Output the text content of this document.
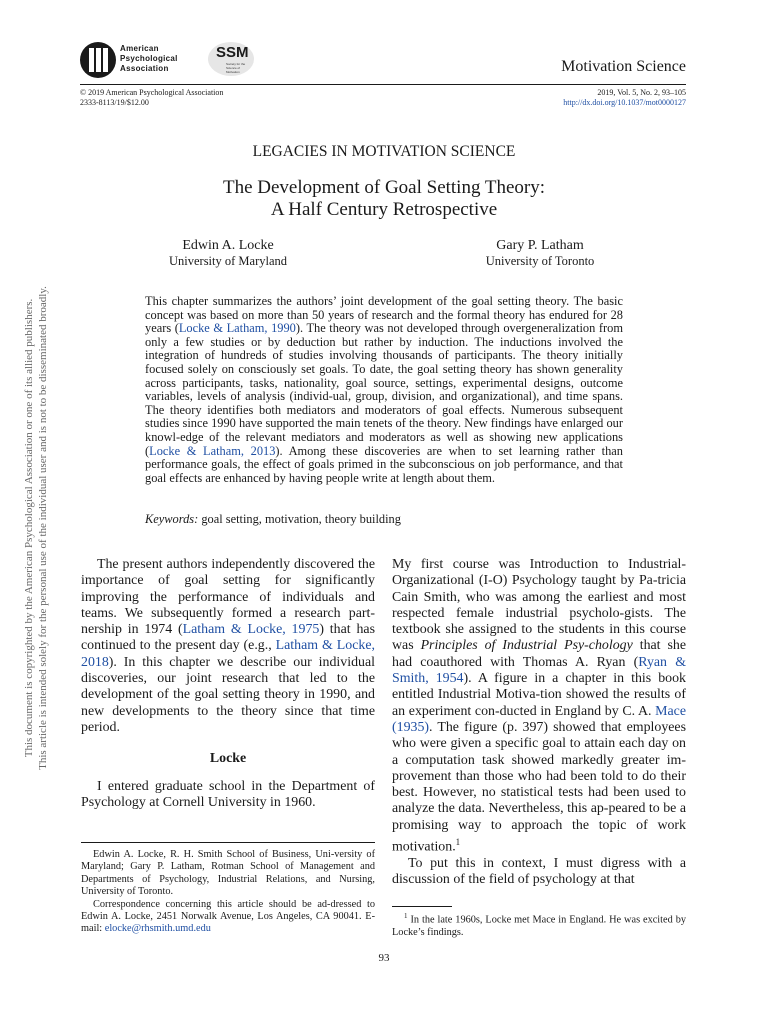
American
Psychological
Association
SSM
Society for the Science of Motivation	Motivation Science
© 2019 American Psychological Association
2333-8113/19/$12.00
2019, Vol. 5, No. 2, 93–105
http://dx.doi.org/10.1037/mot0000127
LEGACIES IN MOTIVATION SCIENCE
The Development of Goal Setting Theory:
A Half Century Retrospective
Edwin A. Locke
University of Maryland
Gary P. Latham
University of Toronto
This chapter summarizes the authors’ joint development of the goal setting theory. The basic concept was based on more than 50 years of research and the formal theory has endured for 28 years (Locke & Latham, 1990). The theory was not developed through overgeneralization from only a few studies or by deduction but rather by induction. The inductions involved the integration of hundreds of studies involving thousands of participants. The theory initially focused solely on consciously set goals. To date, the goal setting theory has shown generality across participants, tasks, nationality, goal source, settings, experimental designs, outcome variables, levels of analysis (individ-ual, group, division, and organizational), and time spans. The theory identifies both mediators and moderators of goal effects. Numerous subsequent studies since 1990 have supported the main tenets of the theory. New findings have enlarged our knowl-edge of the relevant mediators and moderators as well as showing new applications (Locke & Latham, 2013). Among these discoveries are when to set learning rather than performance goals, the effect of goals primed in the subconscious on job performance, and that goal effects are enhanced by having people write at length about them.
Keywords: goal setting, motivation, theory building

The present authors independently discovered the importance of goal setting for significantly improving the performance of individuals and teams. We subsequently formed a research part-nership in 1974 (Latham & Locke, 1975) that has continued to the present day (e.g., Latham & Locke, 2018). In this chapter we describe our individual discoveries, our joint research that led to the development of the goal setting theory in 1990, and new developments to the theory since that time period.

Locke

I entered graduate school in the Department of Psychology at Cornell University in 1960.

Edwin A. Locke, R. H. Smith School of Business, Uni-versity of Maryland; Gary P. Latham, Rotman School of Management and Departments of Psychology, Industrial Relations, and Nursing, University of Toronto.

Correspondence concerning this article should be ad-dressed to Edwin A. Locke, 2451 Norwalk Avenue, Los Angeles, CA 90041. E-mail: elocke@rhsmith.umd.edu

My first course was Introduction to Industrial-Organizational (I-O) Psychology taught by Pa-tricia Cain Smith, who was among the earliest and most respected female industrial psycholo-gists. The textbook she assigned to the students in this course was Principles of Industrial Psy-chology that she had coauthored with Thomas A. Ryan (Ryan & Smith, 1954). A figure in a chapter in this book entitled Industrial Motiva-tion showed the results of an experiment con-ducted in England by C. A. Mace (1935). The figure (p. 397) showed that employees who were given a specific goal to attain each day on a computation task showed markedly greater im-provement than those who had been told to do their best. However, no statistical tests had been used to analyze the data. Nevertheless, this ap-peared to be a promising way to approach the topic of work motivation.$^1$

To put this in context, I must digress with a discussion of the field of psychology at that

$^1$ In the late 1960s, Locke met Mace in England. He was excited by Locke’s findings.
93
This document is copyrighted by the American Psychological Association or one of its allied publishers. This article is intended solely for the personal use of the individual user and is not to be disseminated broadly.
